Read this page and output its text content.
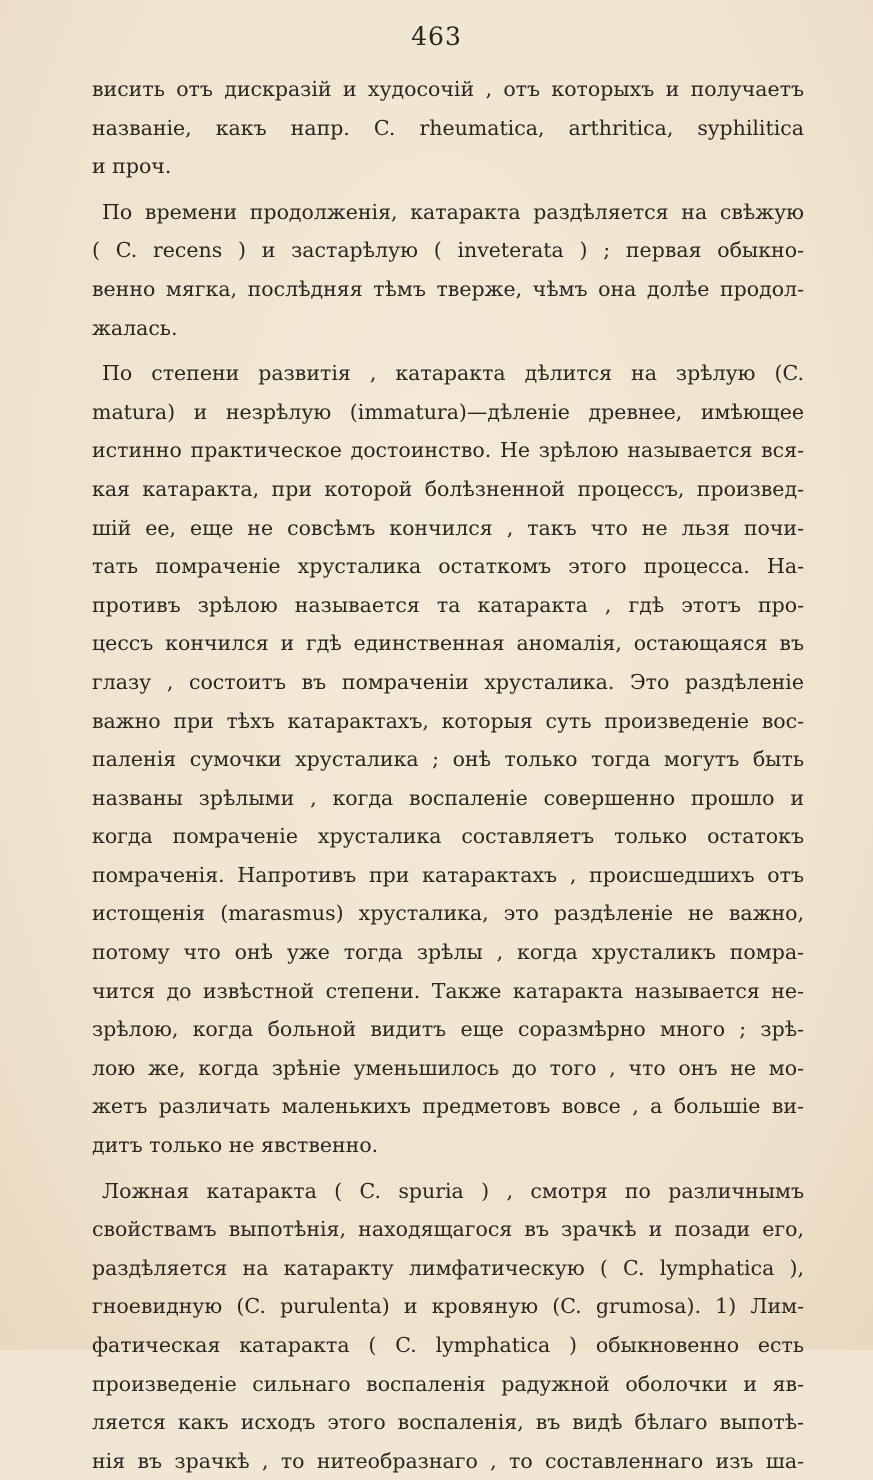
463
висить отъ дискразій и худосочій , отъ которыхъ и получаетъ
названіе, какъ напр. C. rheumatica, arthritica, syphilitica
и проч.
По времени продолженія, катаракта раздѣляется на свѣжую
( C. recens ) и застарѣлую ( inveterata ) ; первая обыкно-
венно мягка, послѣдняя тѣмъ тверже, чѣмъ она долѣе продол-
жалась.
По степени развитія , катаракта дѣлится на зрѣлую (C.
matura) и незрѣлую (immatura)—дѣленіе древнее, имѣющее
истинно практическое достоинство. Не зрѣлою называется вся-
кая катаракта, при которой болѣзненной процессъ, произвед-
шій ее, еще не совсѣмъ кончился , такъ что не льзя почи-
тать помраченіе хрусталика остаткомъ этого процесса. На-
противъ зрѣлою называется та катаракта , гдѣ этотъ про-
цессъ кончился и гдѣ единственная аномалія, остающаяся въ
глазу , состоитъ въ помраченіи хрусталика. Это раздѣленіе
важно при тѣхъ катарактахъ, которыя суть произведеніе вос-
паленія сумочки хрусталика ; онѣ только тогда могутъ быть
названы зрѣлыми , когда воспаленіе совершенно прошло и
когда помраченіе хрусталика составляетъ только остатокъ
помраченія. Напротивъ при катарактахъ , происшедшихъ отъ
истощенія (marasmus) хрусталика, это раздѣленіе не важно,
потому что онѣ уже тогда зрѣлы , когда хрусталикъ помра-
чится до извѣстной степени. Также катаракта называется не-
зрѣлою, когда больной видитъ еще соразмѣрно много ; зрѣ-
лою же, когда зрѣніе уменьшилось до того , что онъ не мо-
жетъ различать маленькихъ предметовъ вовсе , а большіе ви-
дитъ только не явственно.
Ложная катаракта ( C. spuria ) , смотря по различнымъ
свойствамъ выпотѣнія, находящагося въ зрачкѣ и позади его,
раздѣляется на катаракту лимфатическую ( C. lymphatica ),
гноевидную (C. purulenta) и кровяную (C. grumosa). 1) Лим-
фатическая катаракта ( C. lymphatica ) обыкновенно есть
произведеніе сильнаго воспаленія радужной оболочки и яв-
ляется какъ исходъ этого воспаленія, въ видѣ бѣлаго выпотѣ-
нія въ зрачкѣ , то нитеобразнаго , то составленнаго изъ ша-
